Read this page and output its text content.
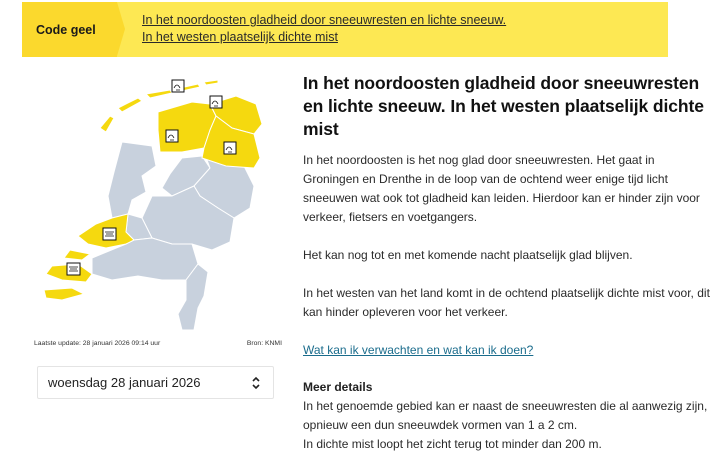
Code geel
In het noordoosten gladheid door sneeuwresten en lichte sneeuw.
In het westen plaatselijk dichte mist
Laatste update: 28 januari 2026 09:14 uur	Bron: KNMI
woensdag 28 januari 2026
In het noordoosten gladheid door sneeuwresten en lichte sneeuw. In het westen plaatselijk dichte mist

In het noordoosten is het nog glad door sneeuwresten. Het gaat in Groningen en Drenthe in de loop van de ochtend weer enige tijd licht sneeuwen wat ook tot gladheid kan leiden. Hierdoor kan er hinder zijn voor verkeer, fietsers en voetgangers.

Het kan nog tot en met komende nacht plaatselijk glad blijven.

In het westen van het land komt in de ochtend plaatselijk dichte mist voor, dit kan hinder opleveren voor het verkeer.

Wat kan ik verwachten en wat kan ik doen?

Meer details

In het genoemde gebied kan er naast de sneeuwresten die al aanwezig zijn, opnieuw een dun sneeuwdek vormen van 1 a 2 cm.

In dichte mist loopt het zicht terug tot minder dan 200 m.
